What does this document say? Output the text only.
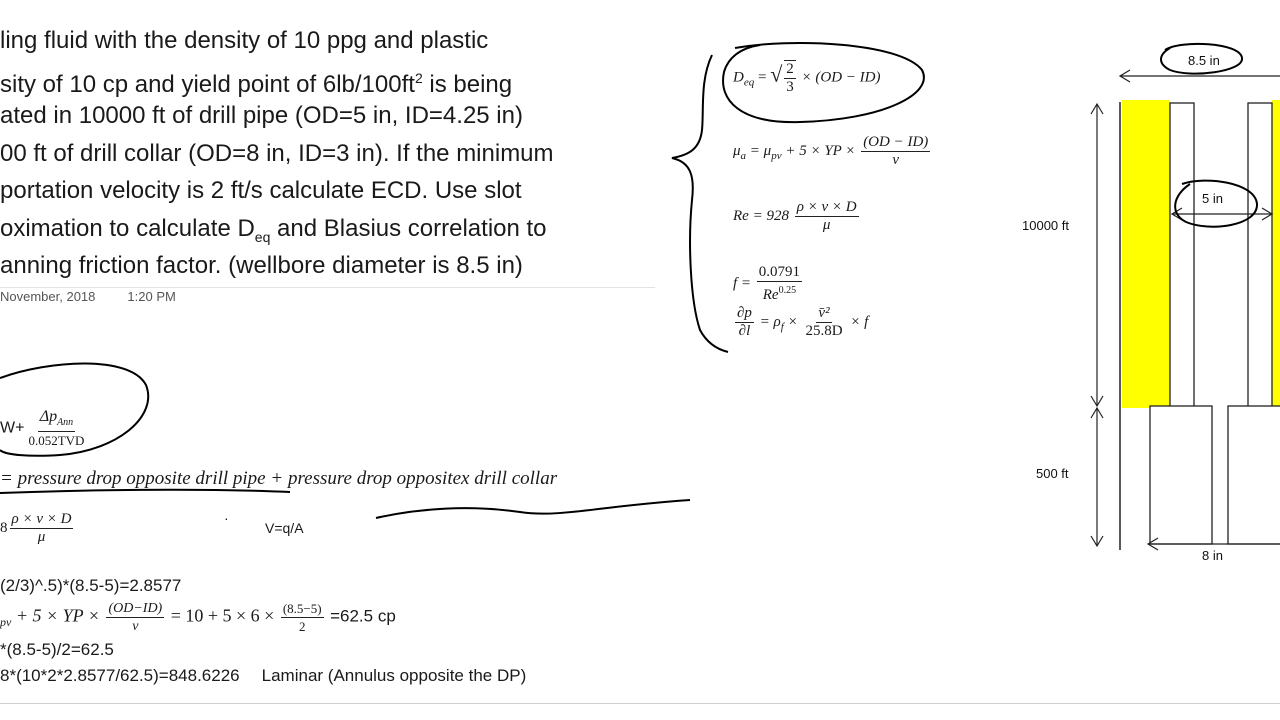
ling fluid with the density of 10 ppg and plastic
sity of 10 cp and yield point of $6lb/100ft^2$ is being
ated in 10000 ft of drill pipe (OD=5 in, ID=4.25 in)
00 ft of drill collar (OD=8 in, ID=3 in). If the minimum
portation velocity is 2 ft/s calculate ECD. Use slot
oximation to calculate $D_{eq}$ and Blasius correlation to
anning friction factor. (wellbore diameter is 8.5 in)
November, 2018 1:20 PM
$D_{eq}$ = √ $\frac{2}{3} \times (OD - ID)$
$\mu_a = \mu_{pv} + 5$ × YP × $\frac{(OD - ID)}{v}$
$Re = 928 \frac{\rho \times v \times D}{\mu}$
$f = \frac{0.0791}{Re^{0.25}}$
$\frac{\partial p}{\partial l} = \rho_f \times \frac{\text{v̄²}}{25.8D} \times f$
$W+ \frac{\Delta p_{Ann}}{\text{0.052TVD}}$
= pressure drop opposite drill pipe + pressure drop oppositex drill collar
$8 \frac{\rho \times v \times D}{\mu}$	·
V=q/A
(2/3)^.5)*(8.5-5)=2.8577
$_{pv}$ + 5 × YP × $\frac{(OD-ID)}{v} = 10 + 5 \times 6 \times \frac{(8.5-5)}{2} =62.5$ cp
*(8.5-5)/2=62.5
8*(10*2*2.8577/62.5)=848.6226 Laminar (Annulus opposite the DP)
8.5 in
5 in
10000 ft
500 ft
8 in
